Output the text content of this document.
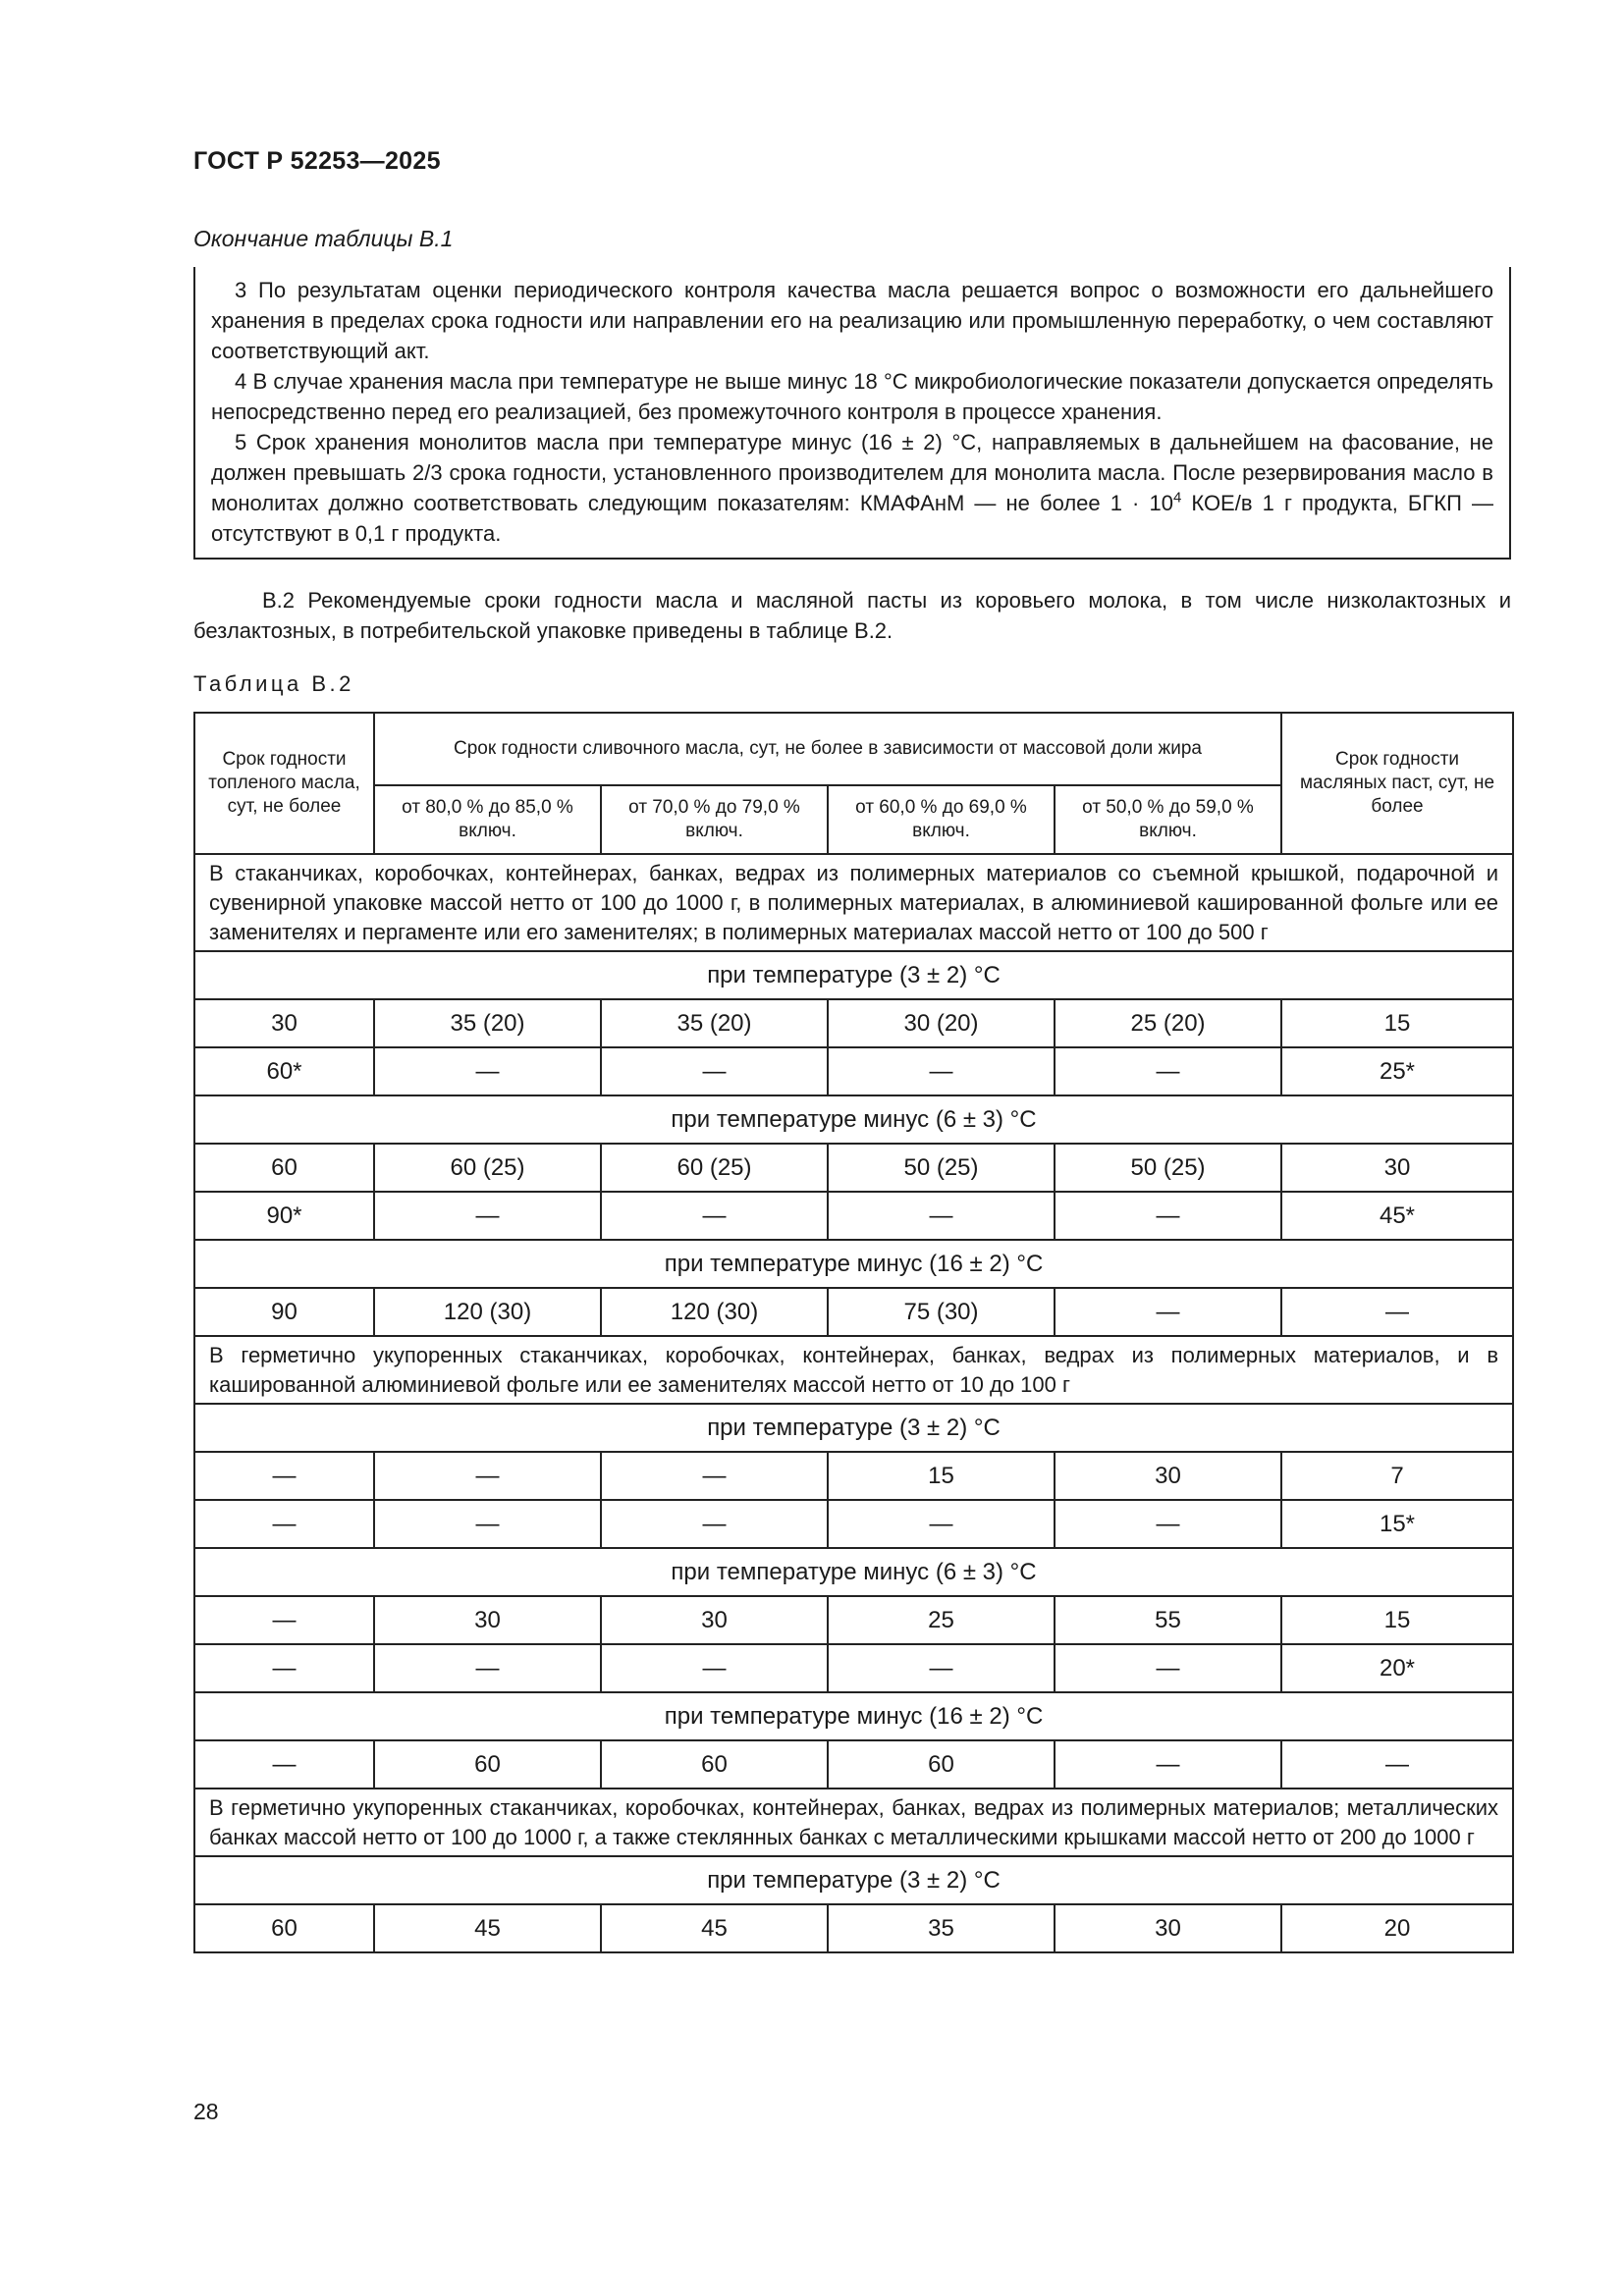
ГОСТ Р 52253—2025
Окончание таблицы В.1

3 По результатам оценки периодического контроля качества масла решается вопрос о возможности его дальнейшего хранения в пределах срока годности или направлении его на реализацию или промышленную переработку, о чем составляют соответствующий акт.

4 В случае хранения масла при температуре не выше минус 18 °С микробиологические показатели допускается определять непосредственно перед его реализацией, без промежуточного контроля в процессе хранения.

5 Срок хранения монолитов масла при температуре минус (16 ± 2) °С, направляемых в дальнейшем на фасование, не должен превышать 2/3 срока годности, установленного производителем для монолита масла. После резервирования масло в монолитах должно соответствовать следующим показателям: КМАФАнМ — не более $1 \cdot 10^4$ КОЕ/в 1 г продукта, БГКП — отсутствуют в 0,1 г продукта.

В.2 Рекомендуемые сроки годности масла и масляной пасты из коровьего молока, в том числе низколактозных и безлактозных, в потребительской упаковке приведены в таблице В.2.

Таблица В.2
Срок годности топленого масла, сут, не более	Срок годности сливочного масла, сут, не более в зависимости от массовой доли жира				Срок годности масляных паст, сут, не более
	от 80,0 % до 85,0 % включ.	от 70,0 % до 79,0 % включ.	от 60,0 % до 69,0 % включ.	от 50,0 % до 59,0 % включ.	
В стаканчиках, коробочках, контейнерах, банках, ведрах из полимерных материалов со съемной крышкой, подарочной и сувенирной упаковке массой нетто от 100 до 1000 г, в полимерных материалах, в алюминиевой кашированной фольге или ее заменителях и пергаменте или его заменителях; в полимерных материалах массой нетто от 100 до 500 г					
при температуре (3 ± 2) °С					
30	35 (20)	35 (20)	30 (20)	25 (20)	15
60*	—	—	—	—	25*
при температуре минус (6 ± 3) °С					
60	60 (25)	60 (25)	50 (25)	50 (25)	30
90*	—	—	—	—	45*
при температуре минус (16 ± 2) °С					
90	120 (30)	120 (30)	75 (30)	—	—
В герметично укупоренных стаканчиках, коробочках, контейнерах, банках, ведрах из полимерных материалов, и в кашированной алюминиевой фольге или ее заменителях массой нетто от 10 до 100 г					
при температуре (3 ± 2) °С					
—	—	—	15	30	7
—	—	—	—	—	15*
при температуре минус (6 ± 3) °С					
—	30	30	25	55	15
—	—	—	—	—	20*
при температуре минус (16 ± 2) °С					
—	60	60	60	—	—
В герметично укупоренных стаканчиках, коробочках, контейнерах, банках, ведрах из полимерных материалов; металлических банках массой нетто от 100 до 1000 г, а также стеклянных банках с металлическими крышками массой нетто от 200 до 1000 г					
при температуре (3 ± 2) °С					
60	45	45	35	30	20
28
